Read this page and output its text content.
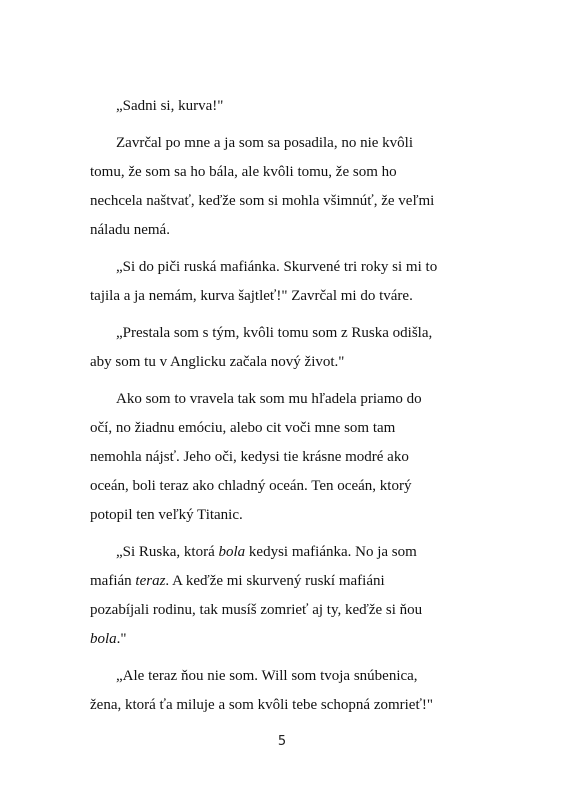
„Sadni si, kurva!"
Zavrčal po mne a ja som sa posadila, no nie kvôli
tomu, že som sa ho bála, ale kvôli tomu, že som ho
nechcela naštvať, keďže som si mohla všimnúť, že veľmi
náladu nemá.
„Si do piči ruská mafiánka. Skurvené tri roky si mi to
tajila a ja nemám, kurva šajtleť!" Zavrčal mi do tváre.
„Prestala som s tým, kvôli tomu som z Ruska odišla,
aby som tu v Anglicku začala nový život."
Ako som to vravela tak som mu hľadela priamo do
očí, no žiadnu emóciu, alebo cit voči mne som tam
nemohla nájsť. Jeho oči, kedysi tie krásne modré ako
oceán, boli teraz ako chladný oceán. Ten oceán, ktorý
potopil ten veľký Titanic.
„Si Ruska, ktorá bola kedysi mafiánka. No ja som
mafián teraz. A keďže mi skurvený ruskí mafiáni
pozabíjali rodinu, tak musíš zomrieť aj ty, keďže si ňou
bola."
„Ale teraz ňou nie som. Will som tvoja snúbenica,
žena, ktorá ťa miluje a som kvôli tebe schopná zomrieť!"
5
